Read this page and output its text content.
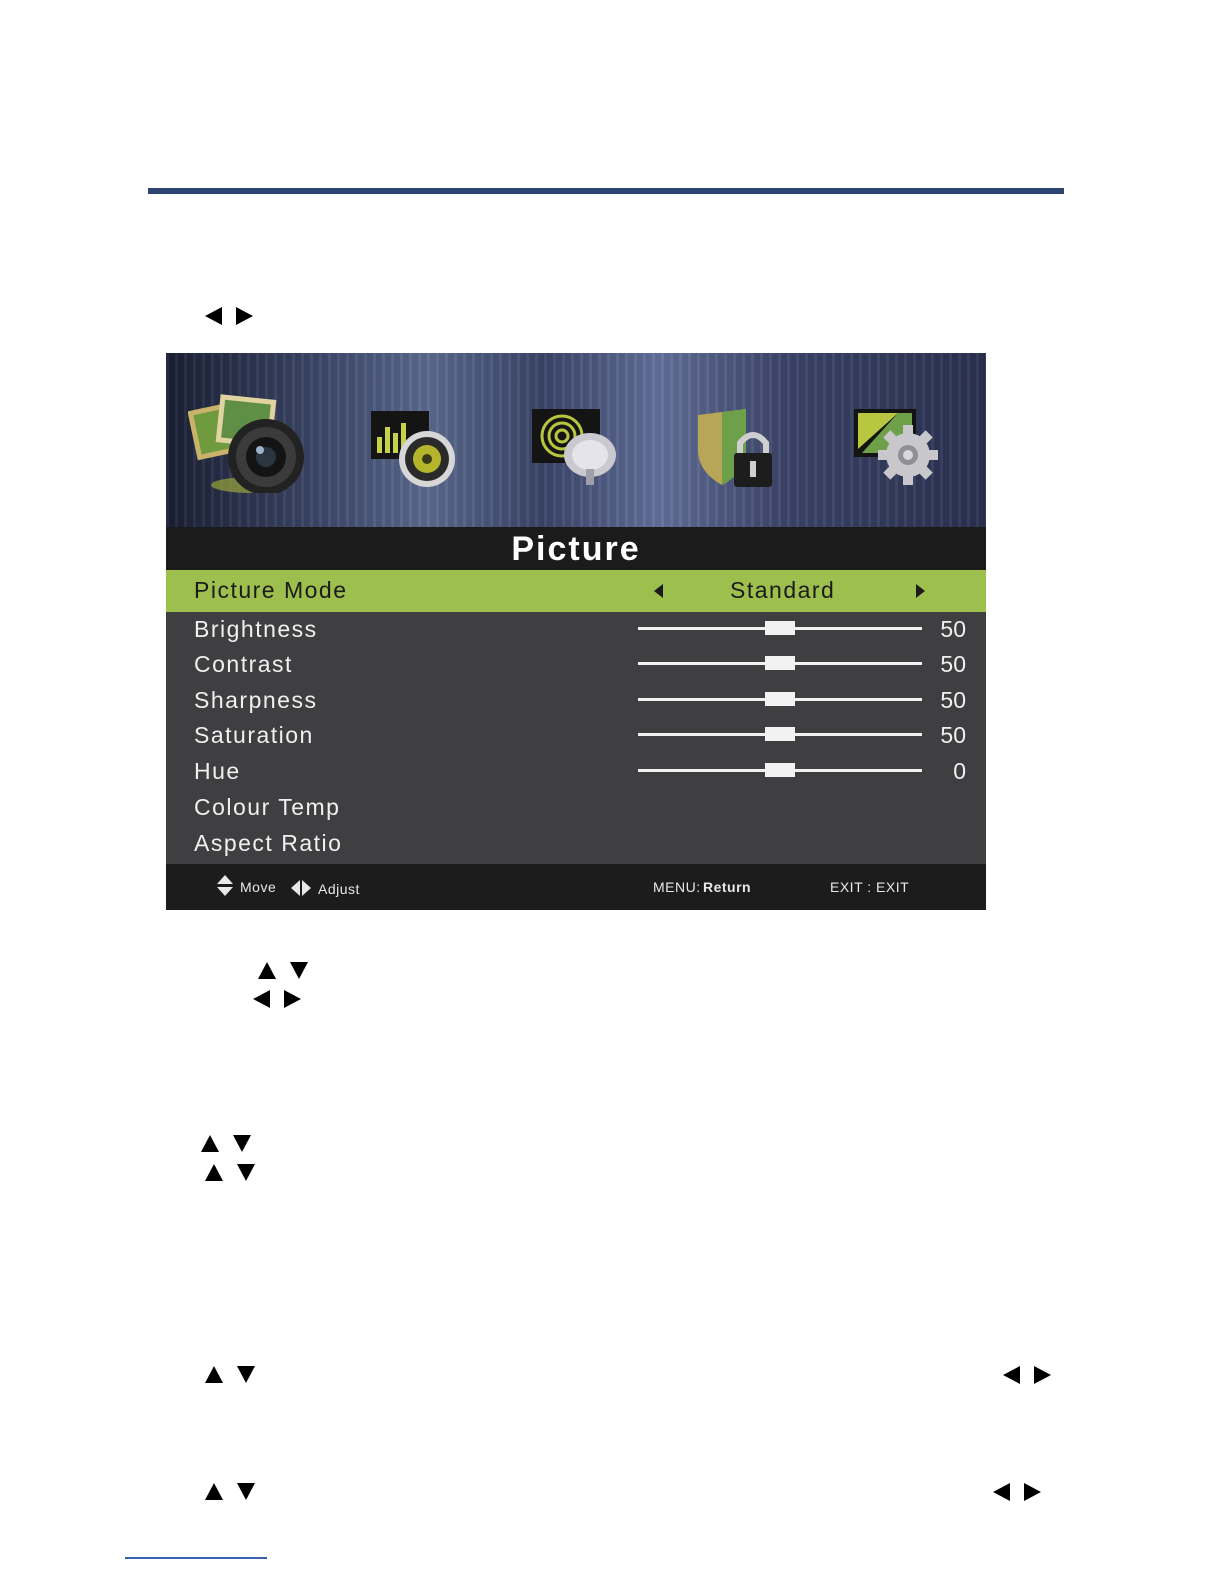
Picture
Picture Mode	Standard
Brightness	50
Contrast	50
Sharpness	50
Saturation	50
Hue	0
Colour Temp
Aspect Ratio
Move	Adjust	MENU: Return	EXIT : EXIT
